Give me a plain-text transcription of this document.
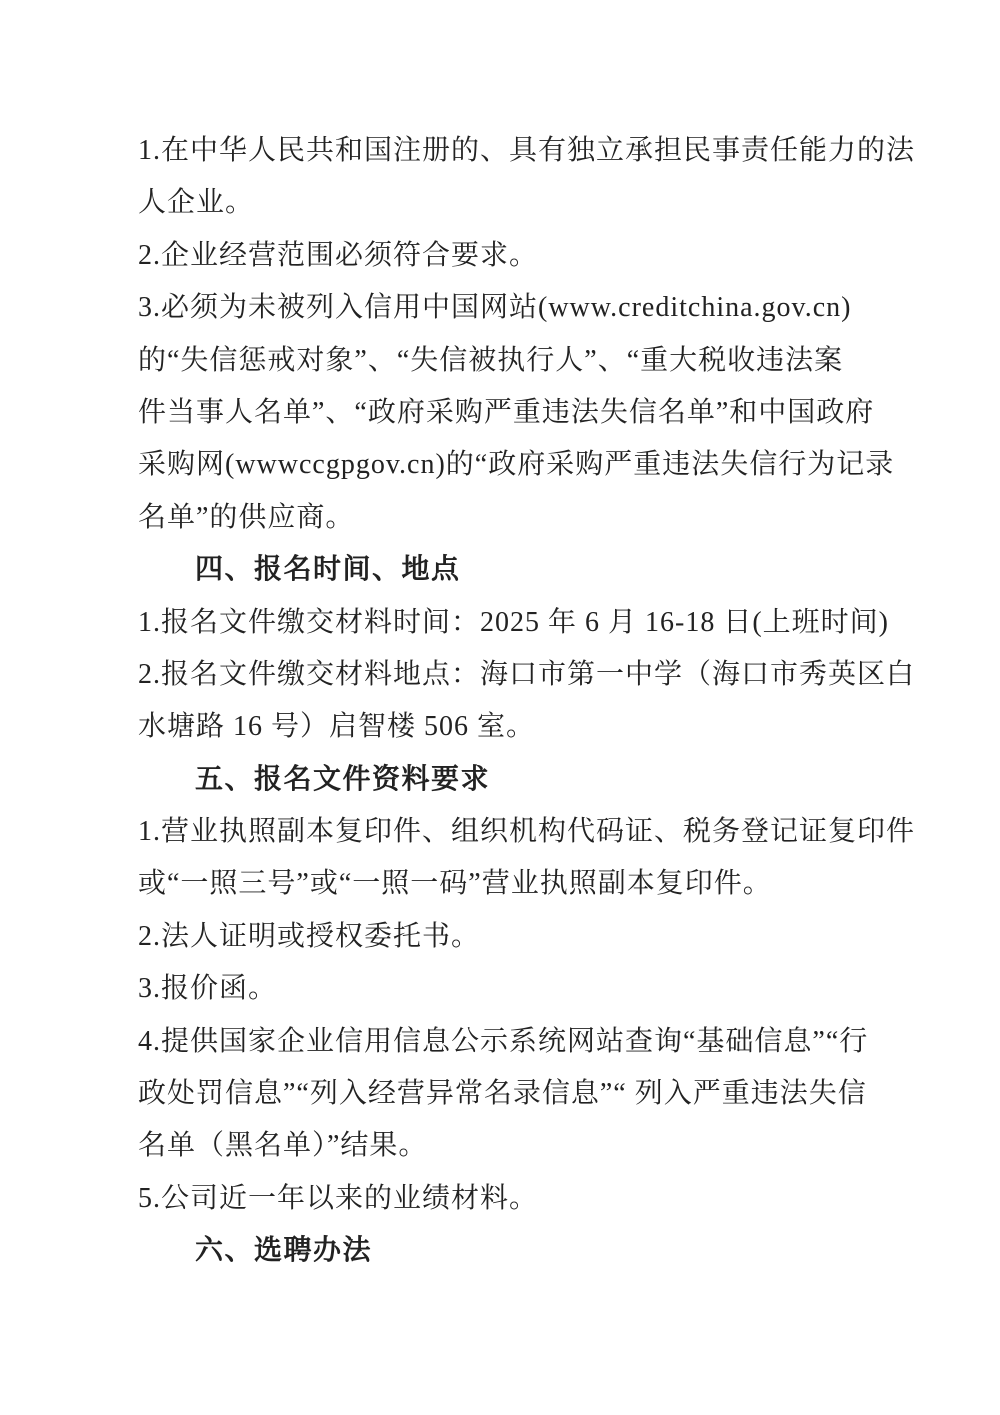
1.在中华人民共和国注册的、具有独立承担民事责任能力的法
人企业。
2.企业经营范围必须符合要求。
3.必须为未被列入信用中国网站(www.creditchina.gov.cn)
的“失信惩戒对象”、“失信被执行人”、“重大税收违法案
件当事人名单”、“政府采购严重违法失信名单”和中国政府
采购网(wwwccgpgov.cn)的“政府采购严重违法失信行为记录
名单”的供应商。
四、报名时间、地点
1.报名文件缴交材料时间：2025 年 6 月 16-18 日(上班时间)
2.报名文件缴交材料地点：海口市第一中学（海口市秀英区白
水塘路 16 号）启智楼 506 室。
五、报名文件资料要求
1.营业执照副本复印件、组织机构代码证、税务登记证复印件
或“一照三号”或“一照一码”营业执照副本复印件。
2.法人证明或授权委托书。
3.报价函。
4.提供国家企业信用信息公示系统网站查询“基础信息”“行
政处罚信息”“列入经营异常名录信息”“ 列入严重违法失信
名单（黑名单）”结果。
5.公司近一年以来的业绩材料。
六、选聘办法
